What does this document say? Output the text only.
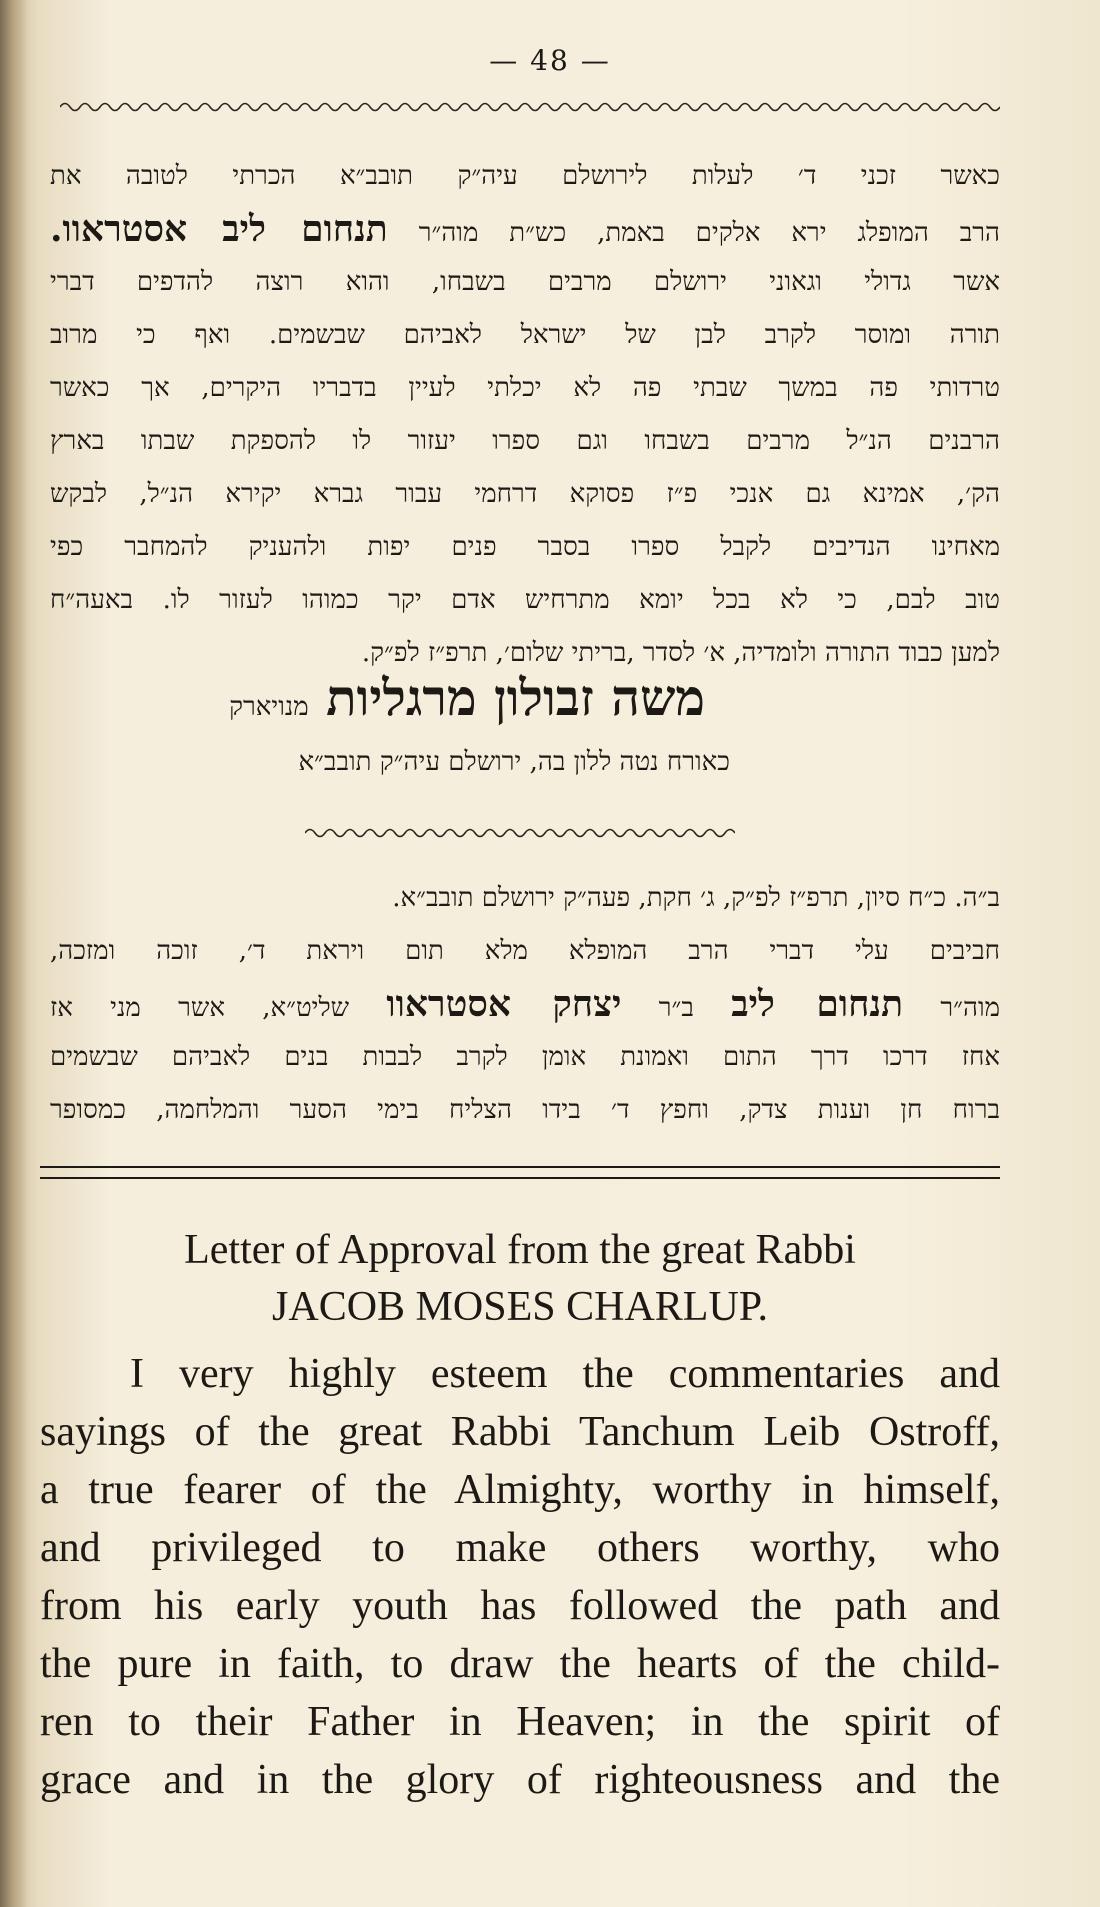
— 48 —

כאשר זכני ד׳ לעלות לירושלם עיה״ק תובב״א הכרתי לטובה את

הרב המופלג ירא אלקים באמת, כש״ת מוה״ר תנחום ליב אסטראוו.

אשר גדולי וגאוני ירושלם מרבים בשבחו, והוא רוצה להדפים דברי

תורה ומוסר לקרב לבן של ישראל לאביהם שבשמים. ואף כי מרוב

טרדותי פה במשך שבתי פה לא יכלתי לעיין בדבריו היקרים, אך כאשר

הרבנים הנ״ל מרבים בשבחו וגם ספרו יעזור לו להספקת שבתו בארץ

הק׳, אמינא גם אנכי פ״ז פסוקא דרחמי עבור גברא יקירא הנ״ל, לבקש

מאחינו הנדיבים לקבל ספרו בסבר פנים יפות ולהעניק להמחבר כפי

טוב לבם, כי לא בכל יומא מתרחיש אדם יקר כמוהו לעזור לו. באעה״ח

למען כבוד התורה ולומדיה, א׳ לסדר ,בריתי שלום׳, תרפ״ז לפ״ק.

משה זבולון מרגליות מנויארק
כאורח נטה ללון בה, ירושלם עיה״ק תובב״א

ב״ה. כ״ח סיון, תרפ״ז לפ״ק, ג׳ חקת, פעה״ק ירושלם תובב״א.

חביבים עלי דברי הרב המופלא מלא תום ויראת ד׳, זוכה ומזכה,

מוה״ר תנחום ליב ב״ר יצחק אסטראוו שליט״א, אשר מני אז

אחז דרכו דרך התום ואמונת אומן לקרב לבבות בנים לאביהם שבשמים

ברוח חן וענות צדק, וחפץ ד׳ בידו הצליח בימי הסער והמלחמה, כמסופר

Letter of Approval from the great Rabbi
JACOB MOSES CHARLUP.

I very highly esteem the commentaries and

sayings of the great Rabbi Tanchum Leib Ostroff,

a true fearer of the Almighty, worthy in himself,

and privileged to make others worthy, who

from his early youth has followed the path and

the pure in faith, to draw the hearts of the child-

ren to their Father in Heaven; in the spirit of

grace and in the glory of righteousness and the
